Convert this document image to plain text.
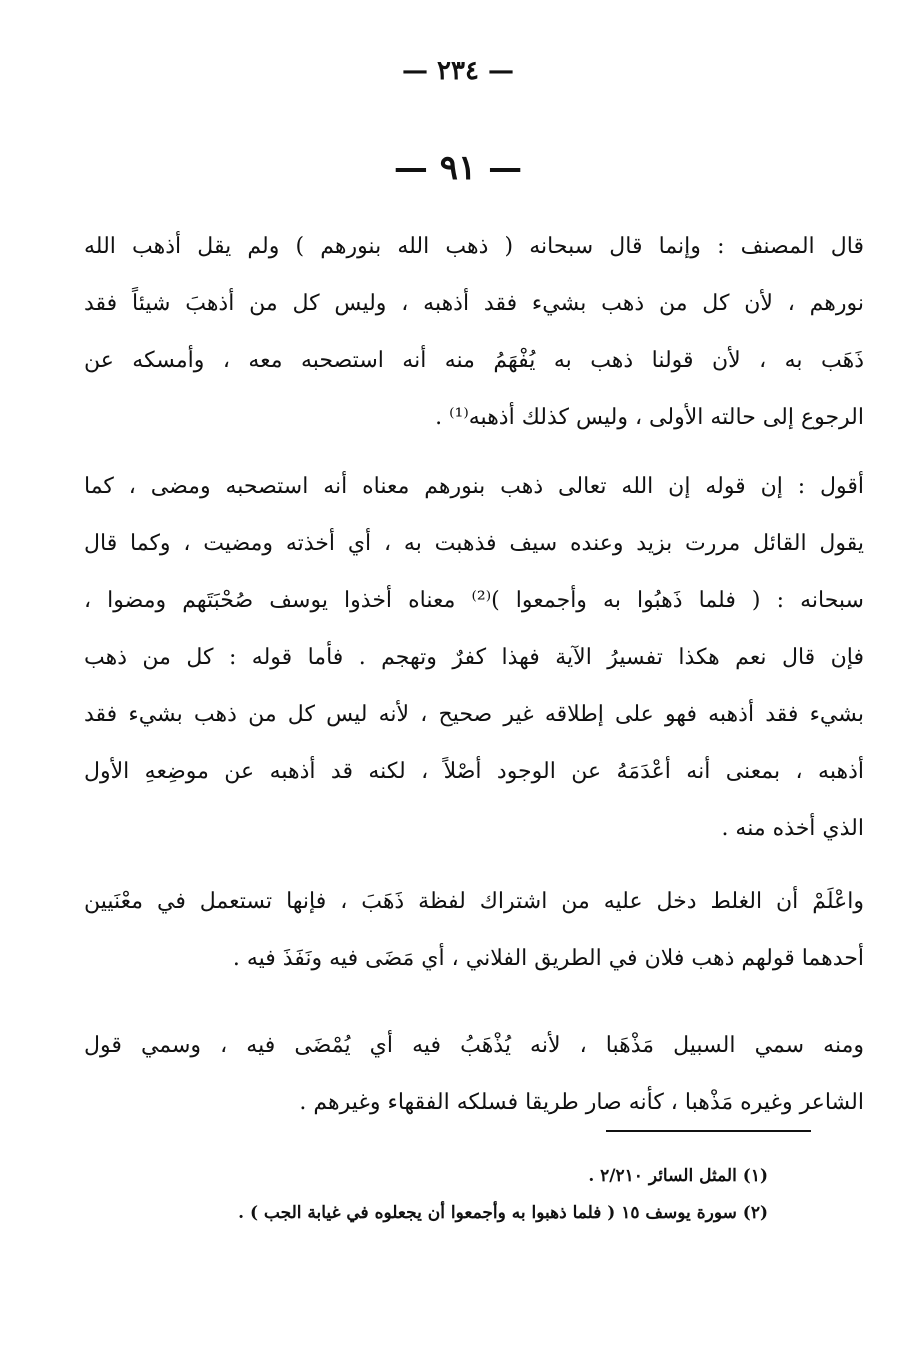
— ٢٣٤ —
— ٩١ —
قال المصنف : وإنما قال سبحانه ( ذهب الله بنورهم ) ولم يقل أذهب الله
نورهم ، لأن كل من ذهب بشيء فقد أذهبه ، وليس كل من أذهبَ شيئاً فقد
ذَهَب به ، لأن قولنا ذهب به يُفْهَمُ منه أنه استصحبه معه ، وأمسكه عن
الرجوع إلى حالته الأولى ، وليس كذلك أذهبه⁽¹⁾ .
أقول : إن قوله إن الله تعالى ذهب بنورهم معناه أنه استصحبه ومضى ، كما
يقول القائل مررت بزيد وعنده سيف فذهبت به ، أي أخذته ومضيت ، وكما قال
سبحانه : ( فلما ذَهبُوا به وأجمعوا )⁽²⁾ معناه أخذوا يوسف صُحْبَتَهم ومضوا ،
فإن قال نعم هكذا تفسيرُ الآية فهذا كفرٌ وتهجم . فأما قوله : كل من ذهب
بشيء فقد أذهبه فهو على إطلاقه غير صحيح ، لأنه ليس كل من ذهب بشيء فقد
أذهبه ، بمعنى أنه أعْدَمَهُ عن الوجود أصْلاً ، لكنه قد أذهبه عن موضِعهِ الأول
الذي أخذه منه .
واعْلَمْ أن الغلط دخل عليه من اشتراك لفظة ذَهَبَ ، فإنها تستعمل في معْنَيين
أحدهما قولهم ذهب فلان في الطريق الفلاني ، أي مَضَى فيه ونَفَذَ فيه .
ومنه سمي السبيل مَذْهَبا ، لأنه يُذْهَبُ فيه أي يُمْضَى فيه ، وسمي قول
الشاعر وغيره مَذْهبا ، كأنه صار طريقا فسلكه الفقهاء وغيرهم .
(١) المثل السائر ٢/٢١٠ .
(٢) سورة يوسف ١٥ ( فلما ذهبوا به وأجمعوا أن يجعلوه في غيابة الجب ) .
